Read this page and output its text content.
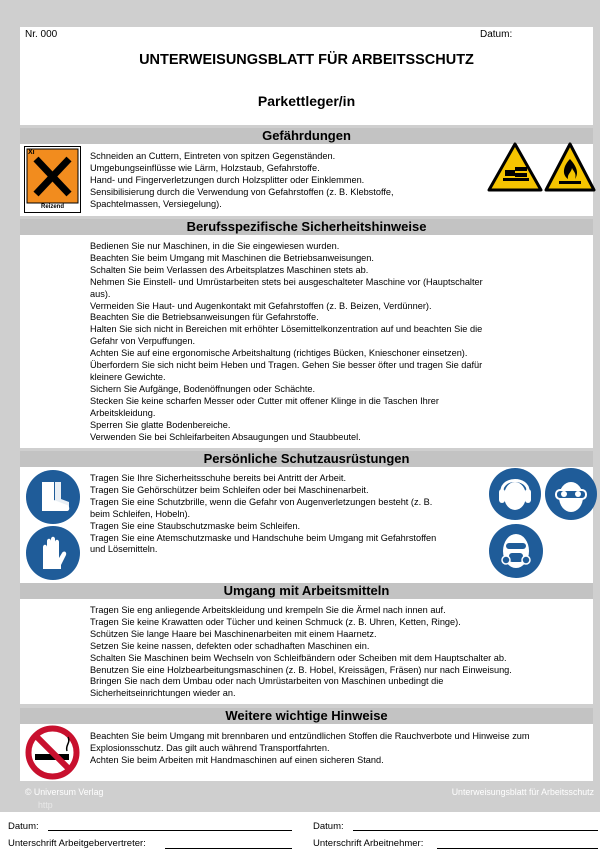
Nr. 000	Datum:
UNTERWEISUNGSBLATT FÜR ARBEITSSCHUTZ
Parkettleger/in
Gefährdungen
Xi
Reizend
Schneiden an Cuttern, Eintreten von spitzen Gegenständen.
Umgebungseinflüsse wie Lärm, Holzstaub, Gefahrstoffe.
Hand- und Fingerverletzungen durch Holzsplitter oder Einklemmen.
Sensibilisierung durch die Verwendung von Gefahrstoffen (z. B. Klebstoffe,
Spachtelmassen, Versiegelung).
Berufsspezifische Sicherheitshinweise
Bedienen Sie nur Maschinen, in die Sie eingewiesen wurden.
Beachten Sie beim Umgang mit Maschinen die Betriebsanweisungen.
Schalten Sie beim Verlassen des Arbeitsplatzes Maschinen stets ab.
Nehmen Sie Einstell- und Umrüstarbeiten stets bei ausgeschalteter Maschine vor (Hauptschalter
aus).
Vermeiden Sie Haut- und Augenkontakt mit Gefahrstoffen (z. B. Beizen, Verdünner).
Beachten Sie die Betriebsanweisungen für Gefahrstoffe.
Halten Sie sich nicht in Bereichen mit erhöhter Lösemittelkonzentration auf und beachten Sie die
Gefahr von Verpuffungen.
Achten Sie auf eine ergonomische Arbeitshaltung (richtiges Bücken, Knieschoner einsetzen).
Überfordern Sie sich nicht beim Heben und Tragen. Gehen Sie besser öfter und tragen Sie dafür
kleinere Gewichte.
Sichern Sie Aufgänge, Bodenöffnungen oder Schächte.
Stecken Sie keine scharfen Messer oder Cutter mit offener Klinge in die Taschen Ihrer
Arbeitskleidung.
Sperren Sie glatte Bodenbereiche.
Verwenden Sie bei Schleifarbeiten Absaugungen und Staubbeutel.
Persönliche Schutzausrüstungen
Tragen Sie Ihre Sicherheitsschuhe bereits bei Antritt der Arbeit.
Tragen Sie Gehörschützer beim Schleifen oder bei Maschinenarbeit.
Tragen Sie eine Schutzbrille, wenn die Gefahr von Augenverletzungen besteht (z. B.
beim Schleifen, Hobeln).
Tragen Sie eine Staubschutzmaske beim Schleifen.
Tragen Sie eine Atemschutzmaske und Handschuhe beim Umgang mit Gefahrstoffen
und Lösemitteln.
Umgang mit Arbeitsmitteln
Tragen Sie eng anliegende Arbeitskleidung und krempeln Sie die Ärmel nach innen auf.
Tragen Sie keine Krawatten oder Tücher und keinen Schmuck (z. B. Uhren, Ketten, Ringe).
Schützen Sie lange Haare bei Maschinenarbeiten mit einem Haarnetz.
Setzen Sie keine nassen, defekten oder schadhaften Maschinen ein.
Schalten Sie Maschinen beim Wechseln von Schleifbändern oder Scheiben mit dem Hauptschalter ab.
Benutzen Sie eine Holzbearbeitungsmaschinen (z. B. Hobel, Kreissägen, Fräsen) nur nach Einweisung.
Bringen Sie nach dem Umbau oder nach Umrüstarbeiten von Maschinen unbedingt die
Sicherheitseinrichtungen wieder an.
Weitere wichtige Hinweise
Beachten Sie beim Umgang mit brennbaren und entzündlichen Stoffen die Rauchverbote und Hinweise zum
Explosionsschutz. Das gilt auch während Transportfahrten.
Achten Sie beim Arbeiten mit Handmaschinen auf einen sicheren Stand.
© Universum Verlag	Unterweisungsblatt für Arbeitsschutz
http
Datum:	Datum:
Unterschrift Arbeitgebervertreter:	Unterschrift Arbeitnehmer:
